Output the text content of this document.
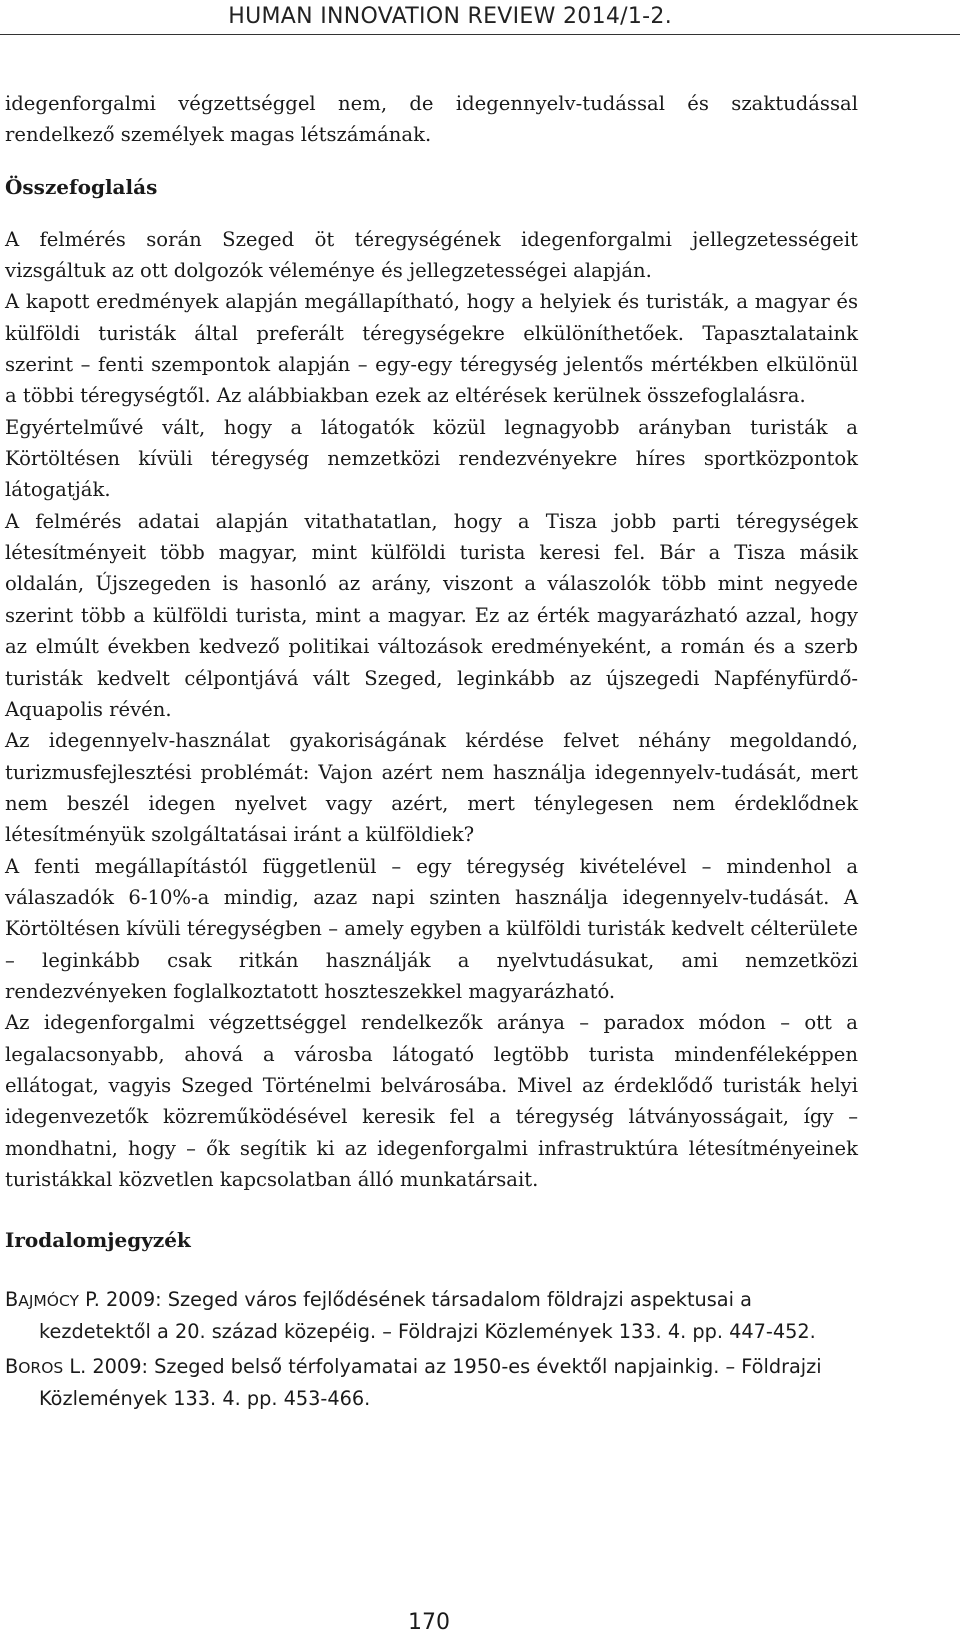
HUMAN INNOVATION REVIEW 2014/1-2.

idegenforgalmi végzettséggel nem, de idegennyelv-tudással és szaktudással rendelkező személyek magas létszámának.

Összefoglalás

A felmérés során Szeged öt téregységének idegenforgalmi jellegzetességeit vizsgáltuk az ott dolgozók véleménye és jellegzetességei alapján.

A kapott eredmények alapján megállapítható, hogy a helyiek és turisták, a magyar és külföldi turisták által preferált téregységekre elkülöníthetőek. Tapasztalataink szerint – fenti szempontok alapján – egy-egy téregység jelentős mértékben elkülönül a többi téregységtől. Az alábbiakban ezek az eltérések kerülnek összefoglalásra.

Egyértelművé vált, hogy a látogatók közül legnagyobb arányban turisták a Körtöltésen kívüli téregység nemzetközi rendezvényekre híres sportközpontok látogatják.

A felmérés adatai alapján vitathatatlan, hogy a Tisza jobb parti téregységek létesítményeit több magyar, mint külföldi turista keresi fel. Bár a Tisza másik oldalán, Újszegeden is hasonló az arány, viszont a válaszolók több mint negyede szerint több a külföldi turista, mint a magyar. Ez az érték magyarázható azzal, hogy az elmúlt években kedvező politikai változások eredményeként, a román és a szerb turisták kedvelt célpontjává vált Szeged, leginkább az újszegedi Napfényfürdő-Aquapolis révén.

Az idegennyelv-használat gyakoriságának kérdése felvet néhány megoldandó, turizmusfejlesztési problémát: Vajon azért nem használja idegennyelv-tudását, mert nem beszél idegen nyelvet vagy azért, mert ténylegesen nem érdeklődnek létesítményük szolgáltatásai iránt a külföldiek?

A fenti megállapítástól függetlenül – egy téregység kivételével – mindenhol a válaszadók 6-10%-a mindig, azaz napi szinten használja idegennyelv-tudását. A Körtöltésen kívüli téregységben – amely egyben a külföldi turisták kedvelt célterülete – leginkább csak ritkán használják a nyelvtudásukat, ami nemzetközi rendezvényeken foglalkoztatott hoszteszekkel magyarázható.

Az idegenforgalmi végzettséggel rendelkezők aránya – paradox módon – ott a legalacsonyabb, ahová a városba látogató legtöbb turista mindenféleképpen ellátogat, vagyis Szeged Történelmi belvárosába. Mivel az érdeklődő turisták helyi idegenvezetők közreműködésével keresik fel a téregység látványosságait, így – mondhatni, hogy – ők segítik ki az idegenforgalmi infrastruktúra létesítményeinek turistákkal közvetlen kapcsolatban álló munkatársait.

Irodalomjegyzék

BAJMÓCY P. 2009: Szeged város fejlődésének társadalom földrajzi aspektusai a kezdetektől a 20. század közepéig. – Földrajzi Közlemények 133. 4. pp. 447-452.

BOROS L. 2009: Szeged belső térfolyamatai az 1950-es évektől napjainkig. – Földrajzi Közlemények 133. 4. pp. 453-466.

170
